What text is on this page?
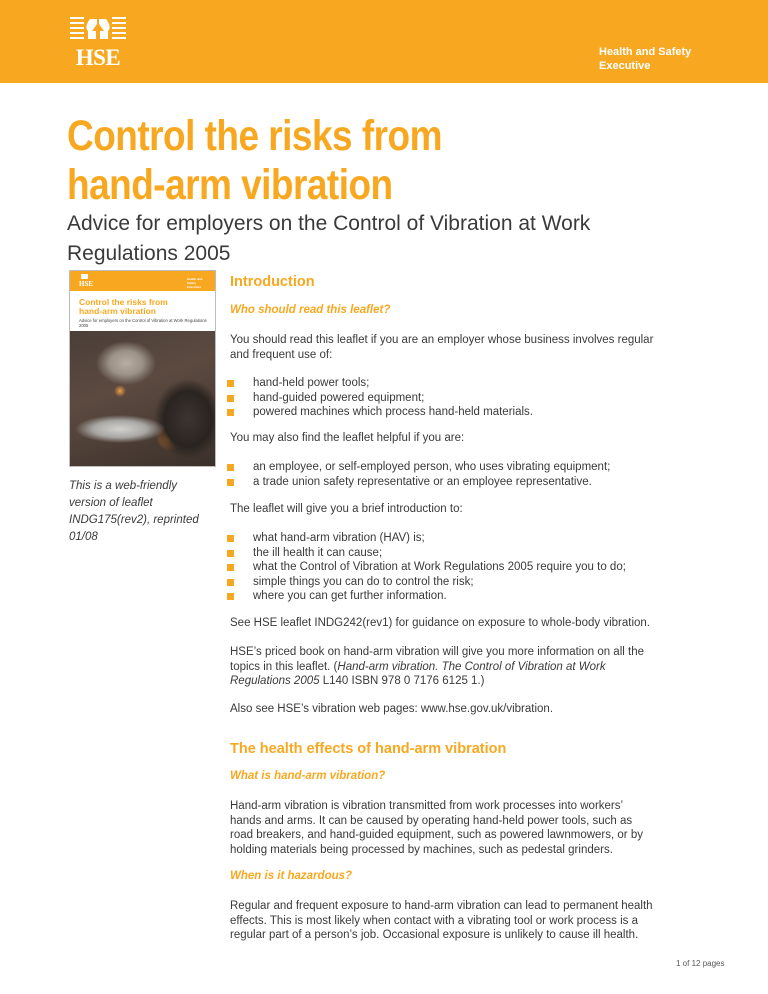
HSE	Health and Safety
Executive
Control the risks from
hand-arm vibration
Advice for employers on the Control of Vibration at Work
Regulations 2005
HSE
Health and Safety Executive
Control the risks from
hand-arm vibration
Advice for employers on the Control of Vibration at Work Regulations 2005
This is a web-friendly
version of leaflet
INDG175(rev2), reprinted
01/08
Introduction
Who should read this leaflet?
You should read this leaflet if you are an employer whose business involves regular
and frequent use of:
hand-held power tools;
hand-guided powered equipment;
powered machines which process hand-held materials.
You may also find the leaflet helpful if you are:
an employee, or self-employed person, who uses vibrating equipment;
a trade union safety representative or an employee representative.
The leaflet will give you a brief introduction to:
what hand-arm vibration (HAV) is;
the ill health it can cause;
what the Control of Vibration at Work Regulations 2005 require you to do;
simple things you can do to control the risk;
where you can get further information.
See HSE leaflet INDG242(rev1) for guidance on exposure to whole-body vibration.
HSE’s priced book on hand-arm vibration will give you more information on all the
topics in this leaflet. (Hand-arm vibration. The Control of Vibration at Work
Regulations 2005 L140 ISBN 978 0 7176 6125 1.)
Also see HSE’s vibration web pages: www.hse.gov.uk/vibration.
The health effects of hand-arm vibration
What is hand-arm vibration?
Hand-arm vibration is vibration transmitted from work processes into workers’
hands and arms. It can be caused by operating hand-held power tools, such as
road breakers, and hand-guided equipment, such as powered lawnmowers, or by
holding materials being processed by machines, such as pedestal grinders.
When is it hazardous?
Regular and frequent exposure to hand-arm vibration can lead to permanent health
effects. This is most likely when contact with a vibrating tool or work process is a
regular part of a person’s job. Occasional exposure is unlikely to cause ill health.
1 of 12 pages
